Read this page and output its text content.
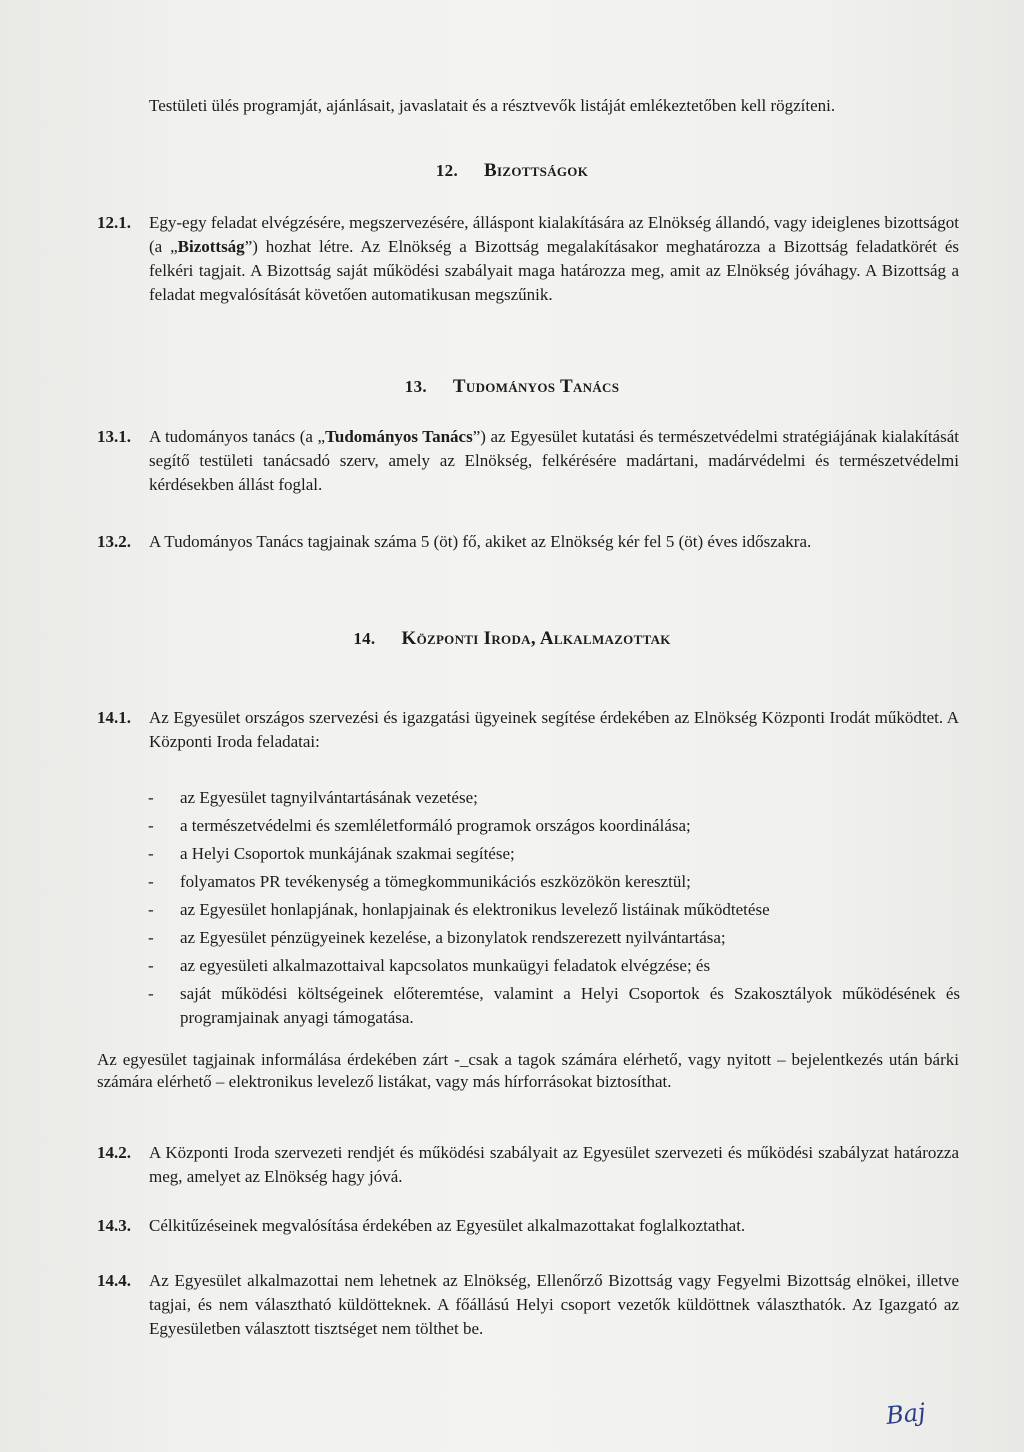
Testületi ülés programját, ajánlásait, javaslatait és a résztvevők listáját emlékeztetőben kell rögzíteni.
12. Bizottságok
12.1. Egy-egy feladat elvégzésére, megszervezésére, álláspont kialakítására az Elnökség állandó, vagy ideiglenes bizottságot (a „Bizottság”) hozhat létre. Az Elnökség a Bizottság megalakításakor meghatározza a Bizottság feladatkörét és felkéri tagjait. A Bizottság saját működési szabályait maga határozza meg, amit az Elnökség jóváhagy. A Bizottság a feladat megvalósítását követően automatikusan megszűnik.
13. Tudományos Tanács
13.1. A tudományos tanács (a „Tudományos Tanács”) az Egyesület kutatási és természetvédelmi stratégiájának kialakítását segítő testületi tanácsadó szerv, amely az Elnökség, felkérésére madártani, madárvédelmi és természetvédelmi kérdésekben állást foglal.
13.2. A Tudományos Tanács tagjainak száma 5 (öt) fő, akiket az Elnökség kér fel 5 (öt) éves időszakra.
14. Központi Iroda, Alkalmazottak
14.1. Az Egyesület országos szervezési és igazgatási ügyeinek segítése érdekében az Elnökség Központi Irodát működtet. A Központi Iroda feladatai:
- az Egyesület tagnyilvántartásának vezetése;
- a természetvédelmi és szemléletformáló programok országos koordinálása;
- a Helyi Csoportok munkájának szakmai segítése;
- folyamatos PR tevékenység a tömegkommunikációs eszközökön keresztül;
- az Egyesület honlapjának, honlapjainak és elektronikus levelező listáinak működtetése
- az Egyesület pénzügyeinek kezelése, a bizonylatok rendszerezett nyilvántartása;
- az egyesületi alkalmazottaival kapcsolatos munkaügyi feladatok elvégzése; és
- saját működési költségeinek előteremtése, valamint a Helyi Csoportok és Szakosztályok működésének és programjainak anyagi támogatása.
Az egyesület tagjainak informálása érdekében zárt -_csak a tagok számára elérhető, vagy nyitott – bejelentkezés után bárki számára elérhető – elektronikus levelező listákat, vagy más hírforrásokat biztosíthat.
14.2. A Központi Iroda szervezeti rendjét és működési szabályait az Egyesület szervezeti és működési szabályzat határozza meg, amelyet az Elnökség hagy jóvá.
14.3. Célkitűzéseinek megvalósítása érdekében az Egyesület alkalmazottakat foglalkoztathat.
14.4. Az Egyesület alkalmazottai nem lehetnek az Elnökség, Ellenőrző Bizottság vagy Fegyelmi Bizottság elnökei, illetve tagjai, és nem választható küldötteknek. A főállású Helyi csoport vezetők küldöttnek választhatók. Az Igazgató az Egyesületben választott tisztséget nem tölthet be.
Baj
